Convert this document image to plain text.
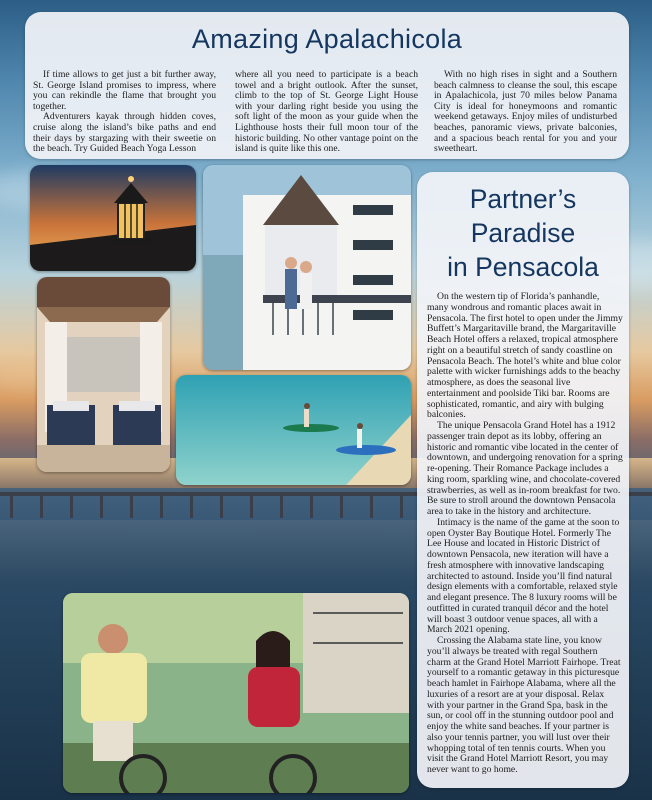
Amazing Apalachicola

If time allows to get just a bit further away, St. George Island promises to impress, where you can rekindle the flame that brought you together.

Adventurers kayak through hidden coves, cruise along the island’s bike paths and end their days by stargazing with their sweetie on the beach. Try Guided Beach Yoga Lesson

where all you need to participate is a beach towel and a bright outlook. After the sunset, climb to the top of St. George Light House with your darling right beside you using the soft light of the moon as your guide when the Lighthouse hosts their full moon tour of the historic building. No other vantage point on the island is quite like this one.

With no high rises in sight and a Southern beach calmness to cleanse the soul, this escape in Apalachicola, just 70 miles below Panama City is ideal for honeymoons and romantic weekend getaways. Enjoy miles of undisturbed beaches, panoramic views, private balconies, and a spacious beach rental for you and your sweetheart.

Partner’s
Paradise
in Pensacola

On the western tip of Florida’s panhandle, many wondrous and romantic places await in Pensacola. The first hotel to open under the Jimmy Buffett’s Margaritaville brand, the Margaritaville Beach Hotel offers a relaxed, tropical atmosphere right on a beautiful stretch of sandy coastline on Pensacola Beach. The hotel’s white and blue color palette with wicker furnishings adds to the beachy atmosphere, as does the seasonal live entertainment and poolside Tiki bar. Rooms are sophisticated, romantic, and airy with bulging balconies.

The unique Pensacola Grand Hotel has a 1912 passenger train depot as its lobby, offering an historic and romantic vibe located in the center of downtown, and undergoing renovation for a spring re-opening. Their Romance Package includes a king room, sparkling wine, and chocolate-covered strawberries, as well as in-room breakfast for two. Be sure to stroll around the downtown Pensacola area to take in the history and architecture.

Intimacy is the name of the game at the soon to open Oyster Bay Boutique Hotel. Formerly The Lee House and located in Historic District of downtown Pensacola, new iteration will have a fresh atmosphere with innovative landscaping architected to astound. Inside you’ll find natural design elements with a comfortable, relaxed style and elegant presence. The 8 luxury rooms will be outfitted in curated tranquil décor and the hotel will boast 3 outdoor venue spaces, all with a March 2021 opening.

Crossing the Alabama state line, you know you’ll always be treated with regal Southern charm at the Grand Hotel Marriott Fairhope. Treat yourself to a romantic getaway in this picturesque beach hamlet in Fairhope Alabama, where all the luxuries of a resort are at your disposal. Relax with your partner in the Grand Spa, bask in the sun, or cool off in the stunning outdoor pool and enjoy the white sand beaches. If your partner is also your tennis partner, you will lust over their whopping total of ten tennis courts. When you visit the Grand Hotel Marriott Resort, you may never want to go home.
